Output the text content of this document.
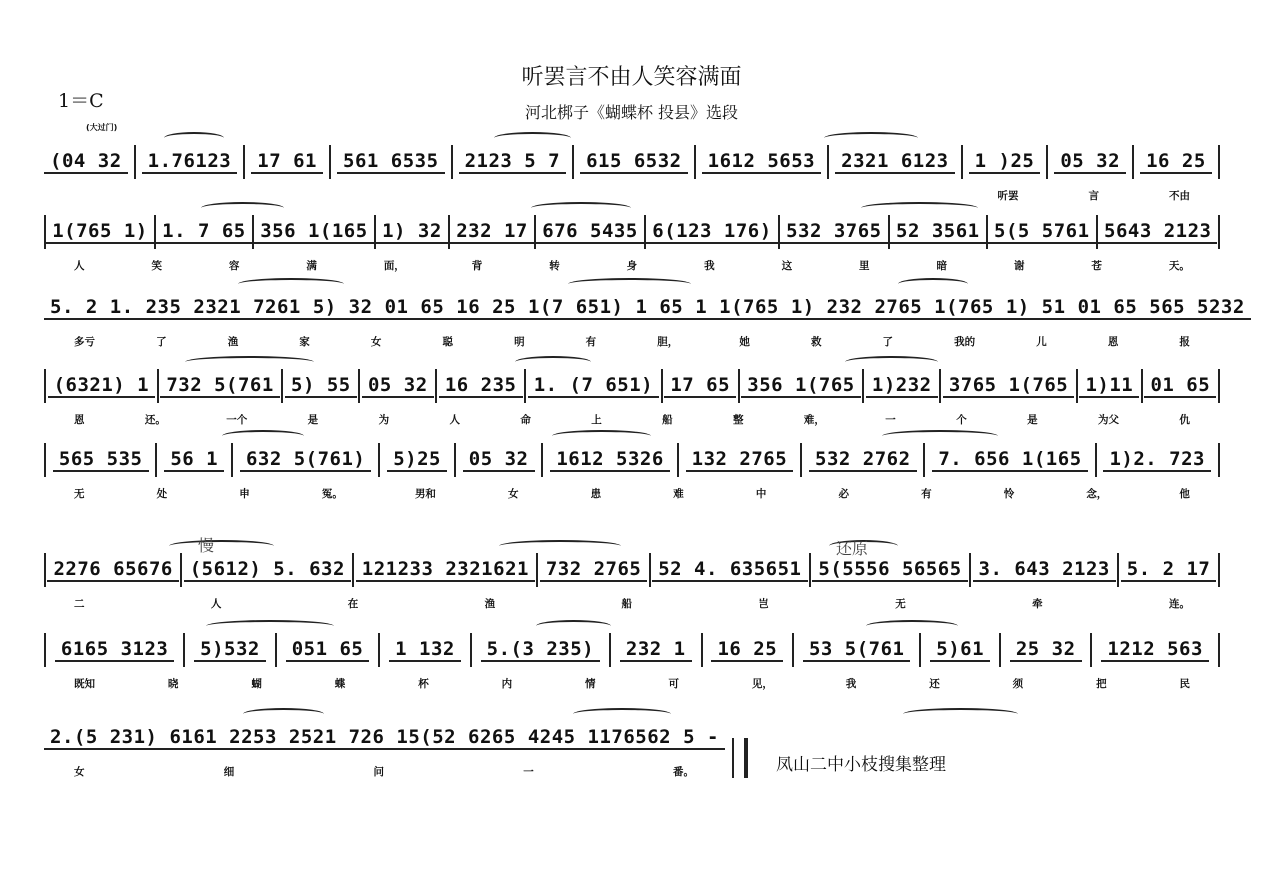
1＝C
听罢言不由人笑容满面
河北梆子《蝴蝶杯 投县》选段
(大过门)
(04 32	1.76123	17 61	561 6535	2123 5 7	615 6532	1612 5653	2321 6123	1 )25	05 32	16 25
听罢	言	不由
1(765 1) 1. 7 65 356 1(165 1) 32 232 17 676 5435 6(123 176) 532 3765 52 3561 5(5 5761 5643 2123
人	笑	容	满	面，	背	转	身	我	这	里	暗	谢	苍	天。
5. 2 1. 235 2321 7261 5) 32 01 65 16 25 1(7 651) 1 65 1 1(765 1) 232 2765 1(765 1) 51 01 65 565 5232
多亏	了	渔	家	女	聪	明	有	胆，	她	救	了	我的	儿	恩	报
(6321) 1 732 5(761 5) 55 05 32 16 235 1. (7 651) 17 65 356 1(765 1)232 3765 1(765 1)11 01 65
恩	还。	一个	是	为	人	命	上	船	整	难，	一	个	是	为父	仇
565 535	56 1	632 5(761)	5)25	05 32	1612 5326	132 2765	532 2762	7. 656 1(165	1)2. 723
无	处	申	冤。	男和	女	患	难	中	必	有	怜	念，	他
2276 65676 (5612) 5. 632 121233 2321621 732 2765 52 4. 635651 5(5556 56565 3. 643 2123 5. 2 17
二	人	在	渔	船	岂	无	牵	连。
6165 3123	5)532	051 65	1 132	5.(3 235)	232 1	16 25	53 5(761	5)61	25 32	1212 563
既知	晓	蝴	蝶	杯	内	情	可	见，	我	还	须	把	民
2.(5 231) 6161 2253 2521 726 15(52 6265 4245 1176562 5 -
女	细	问	一	番。
慢	还原
凤山二中小枝搜集整理
